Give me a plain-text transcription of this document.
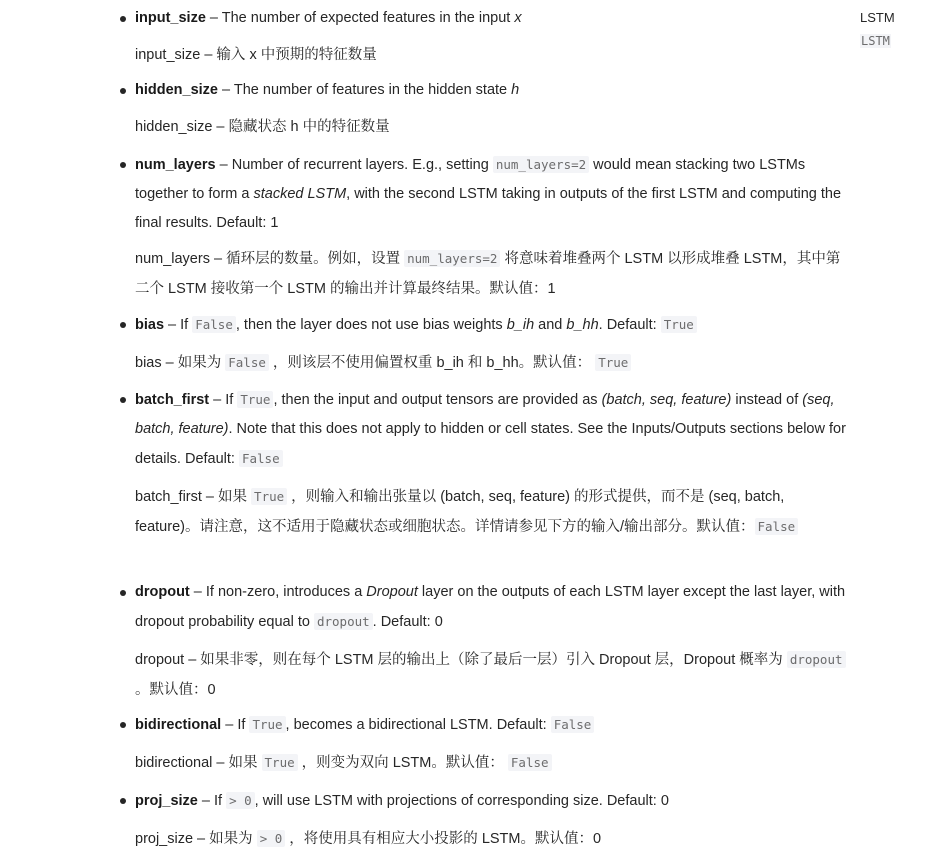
input_size – The number of expected features in the input x

input_size – 输入 x 中预期的特征数量

hidden_size – The number of features in the hidden state h

hidden_size – 隐藏状态 h 中的特征数量

num_layers – Number of recurrent layers. E.g., setting num_layers=2 would mean stacking two LSTMs together to form a stacked LSTM, with the second LSTM taking in outputs of the first LSTM and computing the final results. Default: 1

num_layers – 循环层的数量。例如，设置 num_layers=2 将意味着堆叠两个 LSTM 以形成堆叠 LSTM，其中第二个 LSTM 接收第一个 LSTM 的输出并计算最终结果。默认值：1

bias – If False , then the layer does not use bias weights b_ih and b_hh. Default: True

bias – 如果为 False ，则该层不使用偏置权重 b_ih 和 b_hh。默认值： True

batch_first – If True , then the input and output tensors are provided as (batch, seq, feature) instead of (seq, batch, feature). Note that this does not apply to hidden or cell states. See the Inputs/Outputs sections below for details. Default: False

batch_first – 如果 True ，则输入和输出张量以 (batch, seq, feature) 的形式提供，而不是 (seq, batch, feature)。请注意，这不适用于隐藏状态或细胞状态。详情请参见下方的输入/输出部分。默认值： False

dropout – If non-zero, introduces a Dropout layer on the outputs of each LSTM layer except the last layer, with dropout probability equal to dropout . Default: 0

dropout – 如果非零，则在每个 LSTM 层的输出上（除了最后一层）引入 Dropout 层，Dropout 概率为 dropout 。默认值：0

bidirectional – If True , becomes a bidirectional LSTM. Default: False

bidirectional – 如果 True ，则变为双向 LSTM。默认值： False

proj_size – If > 0 , will use LSTM with projections of corresponding size. Default: 0

proj_size – 如果为 > 0 ，将使用具有相应大小投影的 LSTM。默认值：0

LSTM
LSTM
